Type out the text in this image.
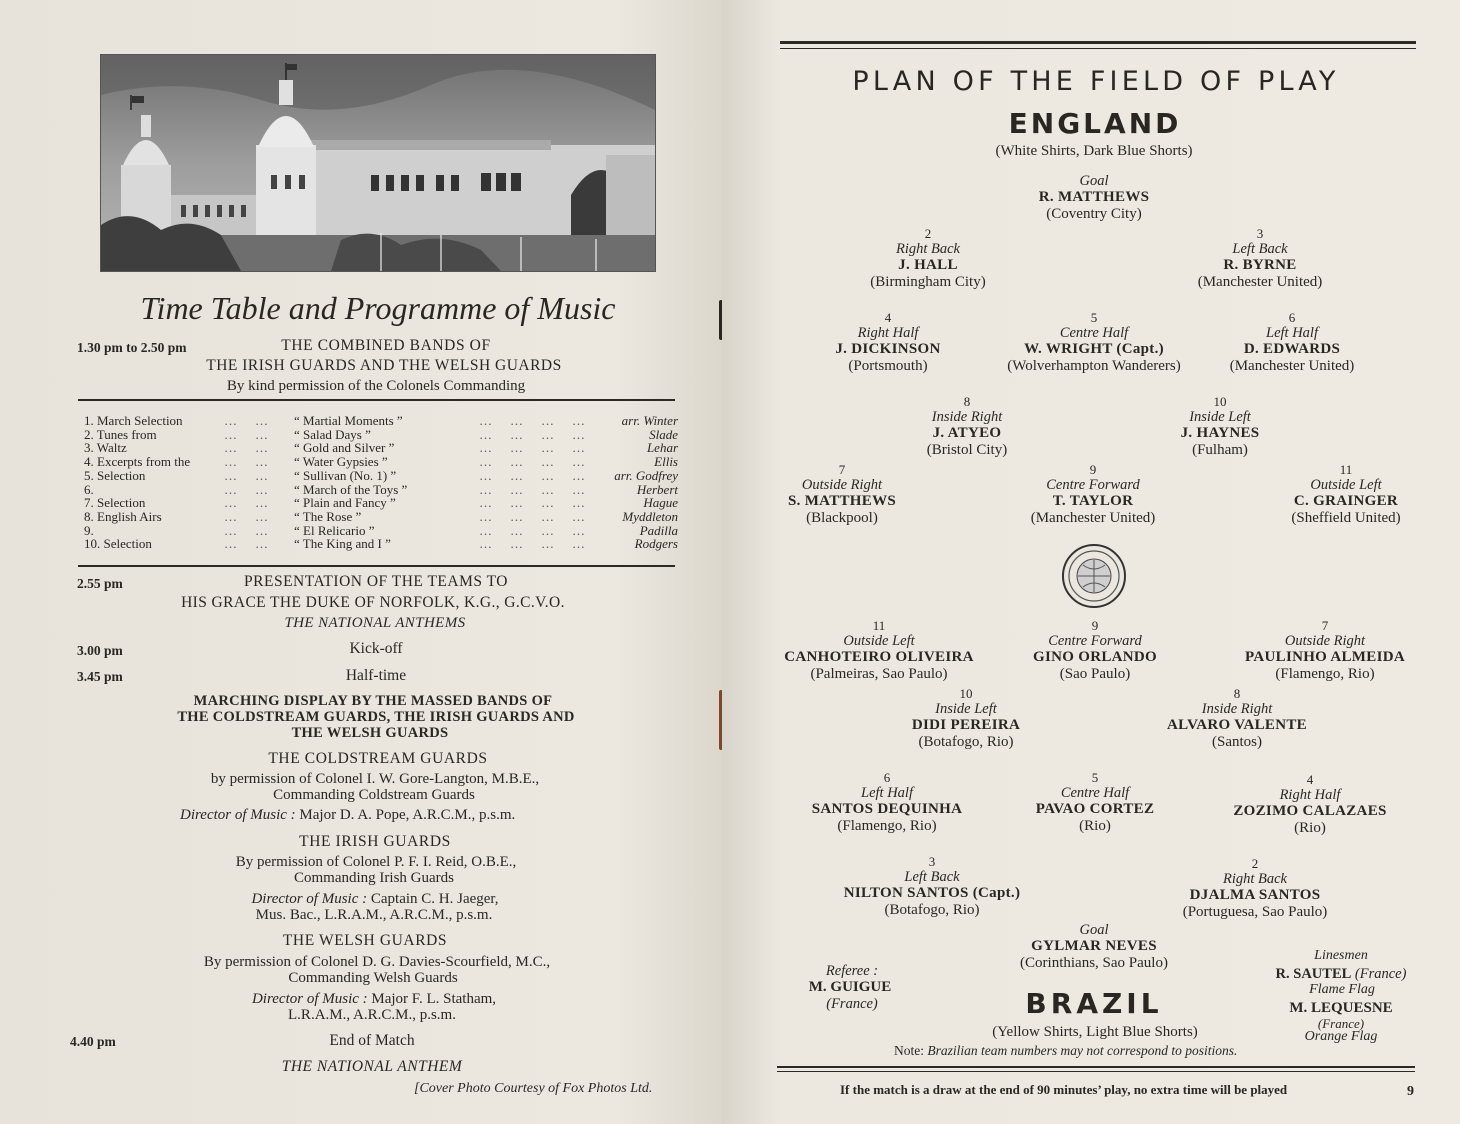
Time Table and Programme of Music
1.30 pm to 2.50 pm	THE COMBINED BANDS OF
THE IRISH GUARDS AND THE WELSH GUARDS
By kind permission of the Colonels Commanding
1. March Selection	…    … “ Martial Moments ”	…    …    …    …	arr. Winter
2. Tunes from	…    … “ Salad Days ”	…    …    …    …	Slade
3. Waltz	…    … “ Gold and Silver ”	…    …    …    …	Lehar
4. Excerpts from the	…    … “ Water Gypsies ”	…    …    …    …	Ellis
5. Selection	…    … “ Sullivan (No. 1) ”	…    …    …    … arr. Godfrey
6.	…    … “ March of the Toys ”	…    …    …    …	Herbert
7. Selection	…    … “ Plain and Fancy ”	…    …    …    …	Hague
8. English Airs	…    … “ The Rose ”	…    …    …    …	Myddleton
9.	…    … “ El Relicario ”	…    …    …    …	Padilla
10. Selection	…    … “ The King and I ”	…    …    …    …	Rodgers
2.55 pm	PRESENTATION OF THE TEAMS TO
HIS GRACE THE DUKE OF NORFOLK, K.G., G.C.V.O.
THE NATIONAL ANTHEMS
3.00 pm	Kick-off
3.45 pm	Half-time
MARCHING DISPLAY BY THE MASSED BANDS OF
THE COLDSTREAM GUARDS, THE IRISH GUARDS AND
THE WELSH GUARDS
THE COLDSTREAM GUARDS
by permission of Colonel I. W. Gore-Langton, M.B.E.,
Commanding Coldstream Guards
Director of Music : Major D. A. Pope, A.R.C.M., p.s.m.
THE IRISH GUARDS
By permission of Colonel P. F. I. Reid, O.B.E.,
Commanding Irish Guards
Director of Music : Captain C. H. Jaeger,
Mus. Bac., L.R.A.M., A.R.C.M., p.s.m.
THE WELSH GUARDS
By permission of Colonel D. G. Davies-Scourfield, M.C.,
Commanding Welsh Guards
Director of Music : Major F. L. Statham,
L.R.A.M., A.R.C.M., p.s.m.
4.40 pm	End of Match
THE NATIONAL ANTHEM
[Cover Photo Courtesy of Fox Photos Ltd.
PLAN OF THE FIELD OF PLAY
ENGLAND
(White Shirts, Dark Blue Shorts)
Goal
R. MATTHEWS
(Coventry City)
2
Right Back
J. HALL
(Birmingham City)
3
Left Back
R. BYRNE
(Manchester United)
4
Right Half
J. DICKINSON
(Portsmouth)
5
Centre Half
W. WRIGHT (Capt.)
(Wolverhampton Wanderers)
6
Left Half
D. EDWARDS
(Manchester United)
8
Inside Right
J. ATYEO
(Bristol City)
10
Inside Left
J. HAYNES
(Fulham)
7
Outside Right
S. MATTHEWS
(Blackpool)
9
Centre Forward
T. TAYLOR
(Manchester United)
11
Outside Left
C. GRAINGER
(Sheffield United)
11
Outside Left
CANHOTEIRO OLIVEIRA
(Palmeiras, Sao Paulo)
9
Centre Forward
GINO ORLANDO
(Sao Paulo)
7
Outside Right
PAULINHO ALMEIDA
(Flamengo, Rio)
10
Inside Left
DIDI PEREIRA
(Botafogo, Rio)
8
Inside Right
ALVARO VALENTE
(Santos)
6
Left Half
SANTOS DEQUINHA
(Flamengo, Rio)
5
Centre Half
PAVAO CORTEZ
(Rio)
4
Right Half
ZOZIMO CALAZAES
(Rio)
3
Left Back
NILTON SANTOS (Capt.)
(Botafogo, Rio)
2
Right Back
DJALMA SANTOS
(Portuguesa, Sao Paulo)
Goal
GYLMAR NEVES
(Corinthians, Sao Paulo)
Referee :
M. GUIGUE
(France)
Linesmen
R. SAUTEL (France)
Flame Flag
M. LEQUESNE
(France)
Orange Flag
BRAZIL
(Yellow Shirts, Light Blue Shorts)
Note: Brazilian team numbers may not correspond to positions.
If the match is a draw at the end of 90 minutes’ play, no extra time will be played	9
